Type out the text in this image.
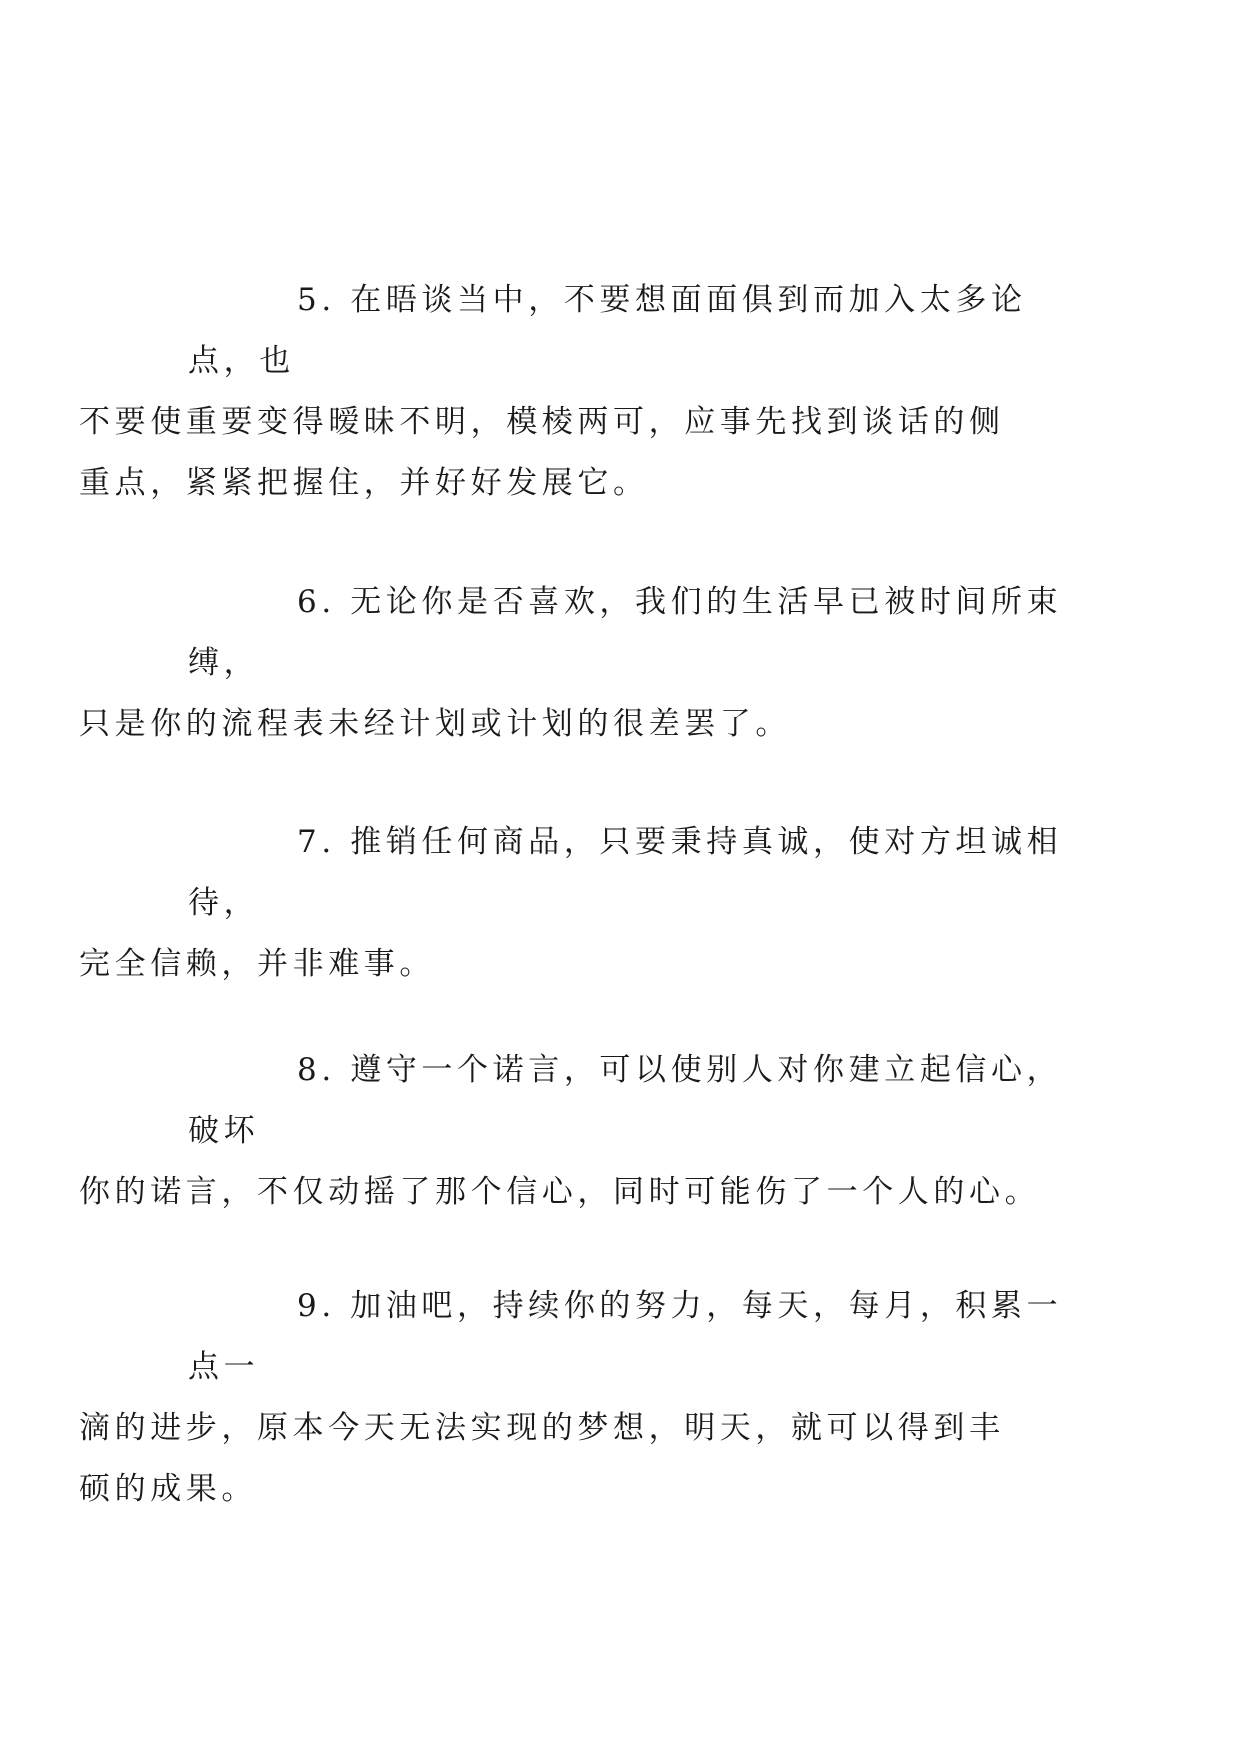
5. 在晤谈当中，不要想面面俱到而加入太多论点，也
不要使重要变得暧昧不明，模棱两可，应事先找到谈话的侧
重点，紧紧把握住，并好好发展它。
6. 无论你是否喜欢，我们的生活早已被时间所束缚，
只是你的流程表未经计划或计划的很差罢了。
7. 推销任何商品，只要秉持真诚，使对方坦诚相待，
完全信赖，并非难事。
8. 遵守一个诺言，可以使别人对你建立起信心，破坏
你的诺言，不仅动摇了那个信心，同时可能伤了一个人的心。
9. 加油吧，持续你的努力，每天，每月，积累一点一
滴的进步，原本今天无法实现的梦想，明天，就可以得到丰
硕的成果。
